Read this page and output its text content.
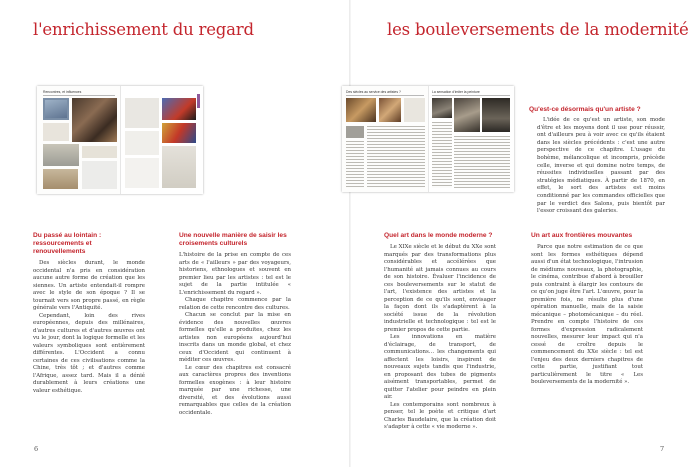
l'enrichissement du regard
Rencontres, et influences
Du passé au lointain : ressourcements et renouvellements

Des siècles durant, le monde occidental n'a pris en considération aucune autre forme de création que les siennes. Un artiste entendait-il rompre avec le style de son époque ? Il se tournait vers son propre passé, en règle générale vers l'Antiquité.

Cependant, loin des rives européennes, depuis des millénaires, d'autres cultures et d'autres œuvres ont vu le jour, dont la logique formelle et les valeurs symboliques sont entièrement différentes. L'Occident a connu certaines de ces civilisations comme la Chine, très tôt ; et d'autres comme l'Afrique, assez tard. Mais il a dénié durablement à leurs créations une valeur esthétique.

Une nouvelle manière de saisir les croisements culturels

L'histoire de la prise en compte de ces arts de « l'ailleurs » par des voyageurs, historiens, ethnologues et souvent en premier lieu par les artistes : tel est le sujet de la partie intitulée « L'enrichissement du regard ».

Chaque chapitre commence par la relation de cette rencontre des cultures.

Chacun se conclut par la mise en évidence des nouvelles œuvres formelles qu'elle a produites, chez les artistes non européens aujourd'hui inscrits dans un monde global, et chez ceux d'Occident qui continuent à méditer ces œuvres.

Le cœur des chapitres est consacré aux caractères propres des inventions formelles exogènes : à leur histoire marquée par une richesse, une diversité, et des évolutions aussi remarquables que celles de la création occidentale.

6
les bouleversements de la modernité
Des siècles au service des artistes ?	La sensation d'imiter la peinture
Qu'est-ce désormais qu'un artiste ?

L'idée de ce qu'est un artiste, son mode d'être et les moyens dont il use pour réussir, ont d'ailleurs peu à voir avec ce qu'ils étaient dans les siècles précédents : c'est une autre perspective de ce chapitre. L'usage du bohème, mélancolique et incompris, précède celle, inverse et qui domine notre temps, de réussites individuelles passant par des stratégies médiatiques. À partir de 1870, en effet, le sort des artistes est moins conditionné par les commandes officielles que par le verdict des Salons, puis bientôt par l'essor croissant des galeries.

Quel art dans le monde moderne ?

Le XIXe siècle et le début du XXe sont marqués par des transformations plus considérables et accélérées que l'humanité ait jamais connues au cours de son histoire. Évaluer l'incidence de ces bouleversements sur le statut de l'art, l'existence des artistes et la perception de ce qu'ils sont, envisager la façon dont ils s'adaptèrent à la société issue de la révolution industrielle et technologique : tel est le premier propos de cette partie.

Les innovations en matière d'éclairage, de transport, de communications… les changements qui affectent les loisirs, inspirent de nouveaux sujets tandis que l'industrie, en proposant des tubes de pigments aisément transportables, permet de quitter l'atelier pour peindre en plein air.

Les contemporains sont nombreux à penser, tel le poète et critique d'art Charles Baudelaire, que la création doit s'adapter à cette « vie moderne ».

Un art aux frontières mouvantes

Parce que notre estimation de ce que sont les formes esthétiques dépend aussi d'un état technologique, l'intrusion de médiums nouveaux, la photographie, le cinéma, contribue d'abord à brouiller puis contraint à élargir les contours de ce qu'on juge être l'art. L'œuvre, pour la première fois, ne résulte plus d'une opération manuelle, mais de la saisie mécanique – photomécanique – du réel. Prendre en compte l'histoire de ces formes d'expression radicalement nouvelles, mesurer leur impact qui n'a cessé de croître depuis le commencement du XXe siècle : tel est l'enjeu des deux derniers chapitres de cette partie, justifiant tout particulièrement le titre « Les bouleversements de la modernité ».

7
